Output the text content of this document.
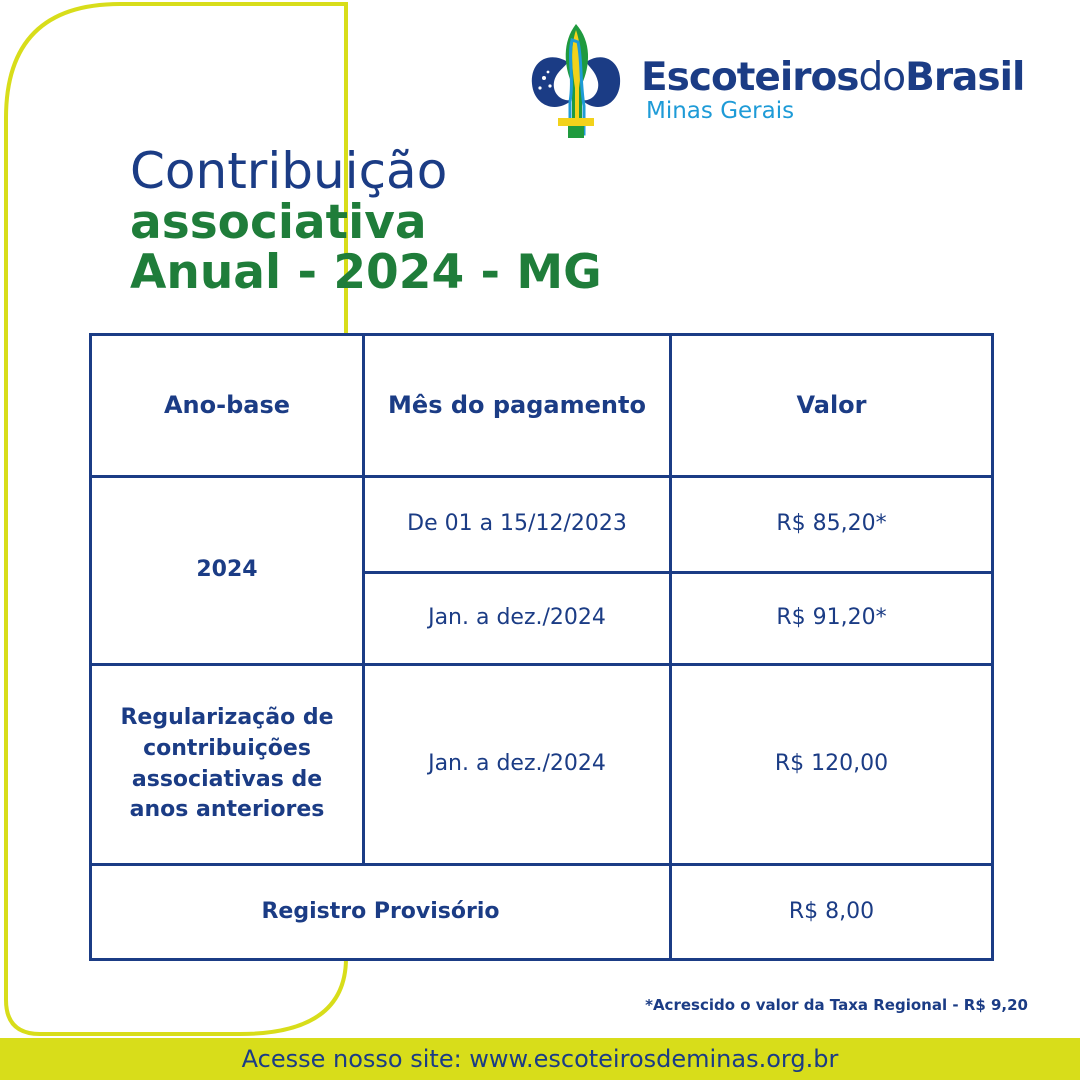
EscoteirosdoBrasil
Minas Gerais
Contribuição
associativa
Anual - 2024 - MG
Ano-base	Mês do pagamento	Valor
2024	De 01 a 15/12/2023	R$ 85,20*
	Jan. a dez./2024	R$ 91,20*
Regularização de contribuições associativas de anos anteriores	Jan. a dez./2024	R$ 120,00
Registro Provisório		R$ 8,00
*Acrescido o valor da Taxa Regional - R$ 9,20
Acesse nosso site: www.escoteirosdeminas.org.br
